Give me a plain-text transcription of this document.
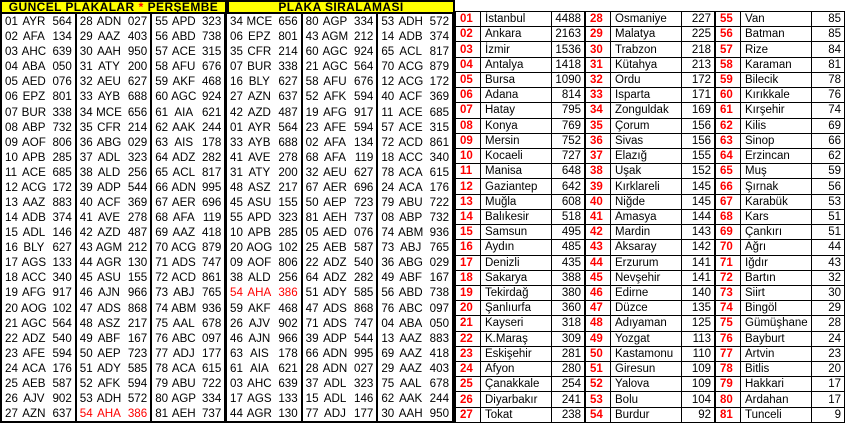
GÜNCEL PLAKALAR * PERŞEMBE
01 AYR 564
02 AFA 134
03 AHC 639
04 ABA 050
05 AED 076
06 EPZ 801
07 BUR 338
08 ABP 732
09 AOF 806
10 APB 285
11 ACE 685
12 ACG 172
13 AAZ 883
14 ADB 374
15 ADL 146
16 BLY 627
17 AGS 133
18 ACC 340
19 AFG 917
20 AOG 102
21 AGC 564
22 ADZ 540
23 AFE 594
24 ACA 176
25 AEB 587
26 AJV 902
27 AZN 637
28 ADN 027
29 AAZ 403
30 AAH 950
31 ATY 200
32 AEU 627
33 AYB 688
34 MCE 656
35 CFR 214
36 ABG 029
37 ADL 323
38 ALD 256
39 ADP 544
40 ACF 369
41 AVE 278
42 AZD 487
43 AGM 212
44 AGR 130
45 ASU 155
46 AJN 966
47 ADS 868
48 ASZ 217
49 ABF 167
50 AEP 723
51 ADY 585
52 AFK 594
53 ADH 572
54 AHA 386
55 APD 323
56 ABD 738
57 ACE 315
58 AFU 676
59 AKF 468
60 AGC 924
61 AIA 621
62 AAK 244
63 AIS 178
64 ADZ 282
65 ACL 817
66 ADN 995
67 AER 696
68 AFA 119
69 AAZ 418
70 ACG 879
71 ADS 747
72 ACD 861
73 ABJ 765
74 ABM 936
75 AAL 678
76 ABC 097
77 ADJ 177
78 ACA 615
79 ABU 722
80 AGP 334
81 AEH 737
PLAKA SIRALAMASI
34 MCE 656
06 EPZ 801
35 CFR 214
07 BUR 338
16 BLY 627
27 AZN 637
42 AZD 487
01 AYR 564
33 AYB 688
41 AVE 278
31 ATY 200
48 ASZ 217
45 ASU 155
55 APD 323
10 APB 285
20 AOG 102
09 AOF 806
38 ALD 256
54 AHA 386
59 AKF 468
26 AJV 902
46 AJN 966
63 AIS 178
61 AIA 621
03 AHC 639
17 AGS 133
44 AGR 130
80 AGP 334
43 AGM 212
60 AGC 924
21 AGC 564
58 AFU 676
52 AFK 594
19 AFG 917
23 AFE 594
02 AFA 134
68 AFA 119
32 AEU 627
67 AER 696
50 AEP 723
81 AEH 737
05 AED 076
25 AEB 587
22 ADZ 540
64 ADZ 282
51 ADY 585
47 ADS 868
71 ADS 747
39 ADP 544
66 ADN 995
28 ADN 027
37 ADL 323
15 ADL 146
77 ADJ 177
53 ADH 572
14 ADB 374
65 ACL 817
70 ACG 879
12 ACG 172
40 ACF 369
11 ACE 685
57 ACE 315
72 ACD 861
18 ACC 340
78 ACA 615
24 ACA 176
79 ABU 722
08 ABP 732
74 ABM 936
73 ABJ 765
36 ABG 029
49 ABF 167
56 ABD 738
76 ABC 097
04 ABA 050
13 AAZ 883
69 AAZ 418
29 AAZ 403
75 AAL 678
62 AAK 244
30 AAH 950
01	İstanbul	4488
02	Ankara	2163
03	İzmir	1536
04	Antalya	1418
05	Bursa	1090
06	Adana	814
07	Hatay	795
08	Konya	769
09	Mersin	752
10	Kocaeli	727
11	Manisa	648
12	Gaziantep	642
13	Muğla	608
14	Balıkesir	518
15	Samsun	495
16	Aydın	485
17	Denizli	435
18	Sakarya	388
19	Tekirdağ	380
20	Şanlıurfa	360
21	Kayseri	318
22	K.Maraş	309
23	Eskişehir	281
24	Afyon	280
25	Çanakkale	254
26	Diyarbakır	241
27	Tokat	238
28	Osmaniye	227
29	Malatya	225
30	Trabzon	218
31	Kütahya	213
32	Ordu	172
33	Isparta	171
34	Zonguldak	169
35	Çorum	156
36	Sivas	156
37	Elazığ	155
38	Uşak	152
39	Kırklareli	145
40	Niğde	145
41	Amasya	144
42	Mardin	143
43	Aksaray	142
44	Erzurum	141
45	Nevşehir	141
46	Edirne	140
47	Düzce	135
48	Adıyaman	125
49	Yozgat	113
50	Kastamonu	110
51	Giresun	109
52	Yalova	109
53	Bolu	104
54	Burdur	92
55	Van	85
56	Batman	85
57	Rize	84
58	Karaman	81
59	Bilecik	78
60	Kırıkkale	76
61	Kırşehir	74
62	Kilis	69
63	Sinop	66
64	Erzincan	62
65	Muş	59
66	Şırnak	56
67	Karabük	53
68	Kars	51
69	Çankırı	51
70	Ağrı	44
71	Iğdır	43
72	Bartın	32
73	Siirt	30
74	Bingöl	29
75	Gümüşhane	28
76	Bayburt	24
77	Artvin	23
78	Bitlis	20
79	Hakkari	17
80	Ardahan	17
81	Tunceli	9
